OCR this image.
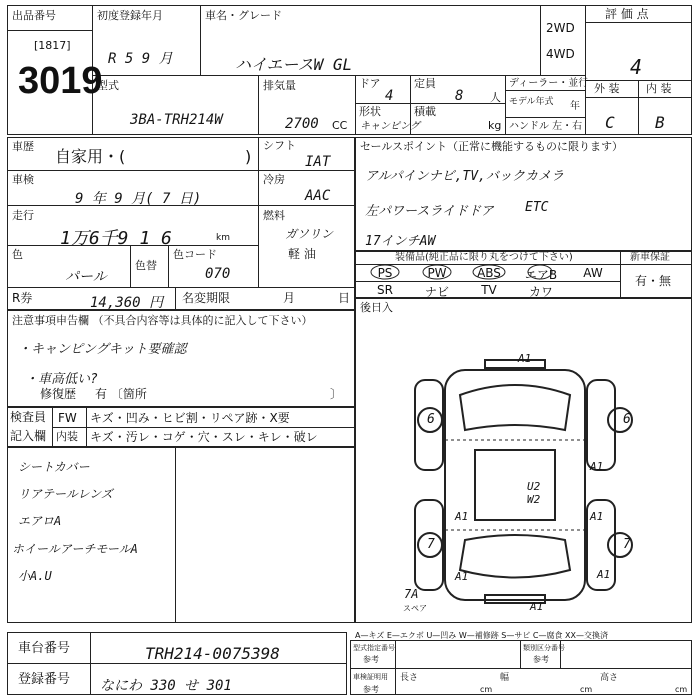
出品番号
[1817]
3019
初度登録年月
R 5 9 月
車名・グレード
ハイエースW GL
2WD
4WD
評 価 点
4
型式
3BA-TRH214W
排気量
2700 CC
ドア
4
定員
8 人
形状
キャンピング
積載
kg
ディーラー・並行
モデル年式 年
ハンドル 左・右
外 装 内 装
C	B
車歴
自家用・(	)
車検
9 年 9 月( 7 日)
走行
1万6千9 1 6	km
色
パール
色替
色コード
070
R券	14,360 円 名変期限	月	日
シフト
IAT
冷房
AAC
燃料
ガソリン
軽 油
セールスポイント（正常に機能するものに限ります）
アルパインナビ,TV,バックカメラ
左パワースライドドア ETC
17インチAW
装備品(純正品に限り丸をつけて下さい)	新車保証
有・無
PS	PW	ABS	エアB	AW
SR	ナビ	TV	カワ
後日入
A1
6	6
A1
A1
U2
W2
A1
A1
7	7
A1
A1
7A
スペア
注意事項申告欄 （不具合内容等は具体的に記入して下さい）
・キャンピングキット要確認
・車高低い?
修復歴 有 〔箇所	〕
検査員
記入欄
FW キズ・凹み・ヒビ割・リペア跡・X要
内装 キズ・汚レ・コゲ・穴・スレ・キレ・破レ
シートカバー
リアテールレンズ
エアロA
ホイールアーチモールA
小A.U
A—キズ E—エクボ U—凹み W—補修跡 S—サビ C—腐食 XX—交換済
車台番号	TRH214-0075398
登録番号 なにわ 330 せ 301
型式指定番号
参考
類別区分番号
参考
車検証明用
参考
長さ
cm
幅
cm
高さ
cm
